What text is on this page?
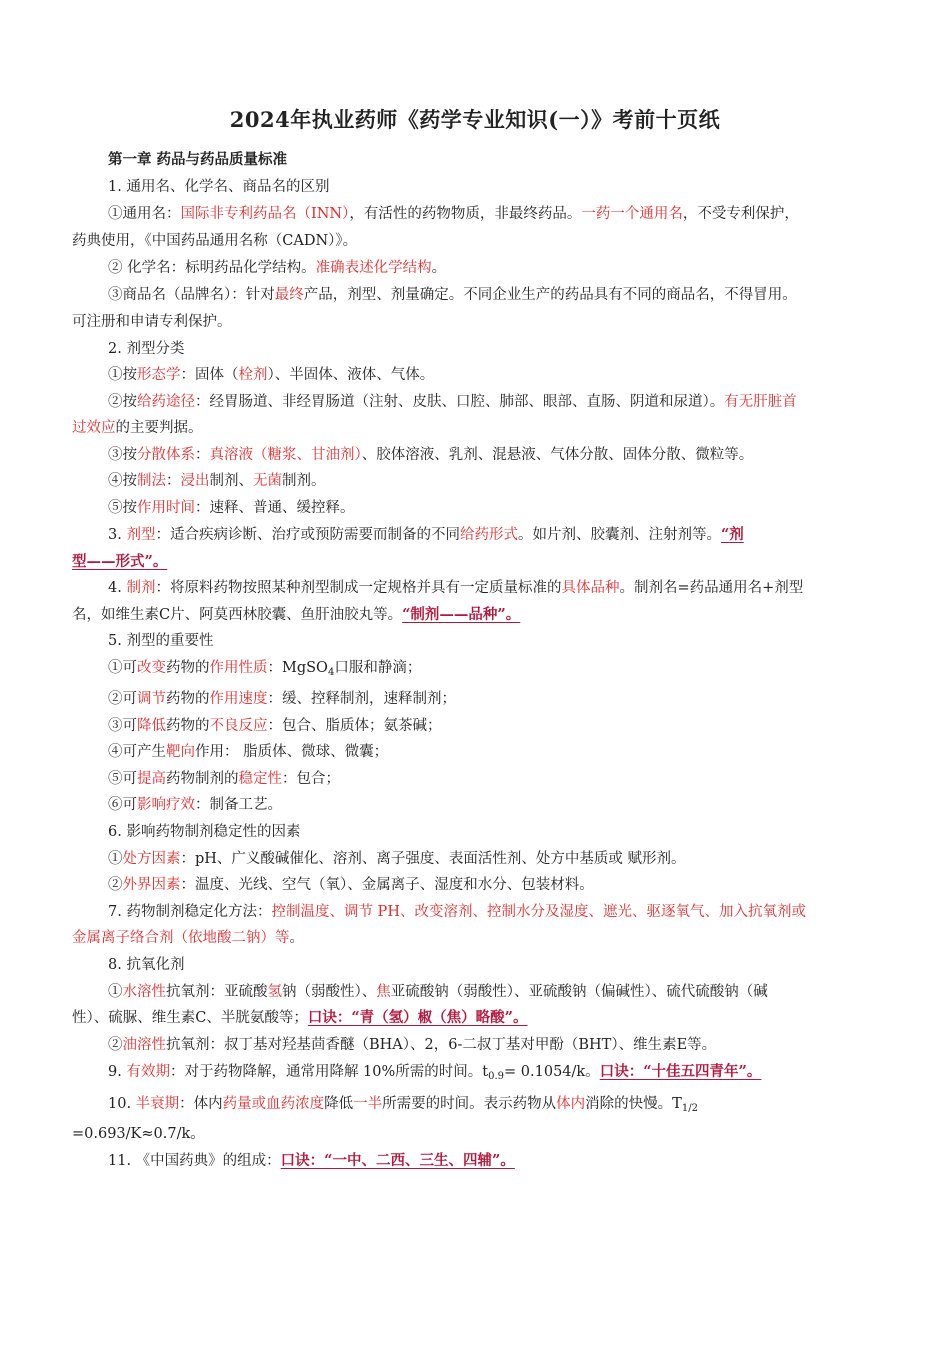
2024年执业药师《药学专业知识(一）》考前十页纸
第一章 药品与药品质量标准
1. 通用名、化学名、商品名的区别
①通用名：国际非专利药品名（INN），有活性的药物物质，非最终药品。一药一个通用名，不受专利保护，
药典使用，《中国药品通用名称（CADN）》。
② 化学名：标明药品化学结构。准确表述化学结构。
③商品名（品牌名）：针对最终产品，剂型、剂量确定。不同企业生产的药品具有不同的商品名，不得冒用。
可注册和申请专利保护。
2. 剂型分类
①按形态学：固体（栓剂）、半固体、液体、气体。
②按给药途径：经胃肠道、非经胃肠道（注射、皮肤、口腔、肺部、眼部、直肠、阴道和尿道）。有无肝脏首
过效应的主要判据。
③按分散体系：真溶液（糖浆、甘油剂）、胶体溶液、乳剂、混悬液、气体分散、固体分散、微粒等。
④按制法：浸出制剂、无菌制剂。
⑤按作用时间：速释、普通、缓控释。
3. 剂型：适合疾病诊断、治疗或预防需要而制备的不同给药形式。如片剂、胶囊剂、注射剂等。“剂
型——形式”。
4. 制剂：将原料药物按照某种剂型制成一定规格并具有一定质量标准的具体品种。制剂名=药品通用名+剂型
名，如维生素C片、阿莫西林胶囊、鱼肝油胶丸等。“制剂——品种”。
5. 剂型的重要性
①可改变药物的作用性质：MgSO$_4$口服和静滴；
②可调节药物的作用速度：缓、控释制剂，速释制剂；
③可降低药物的不良反应：包合、脂质体；氨茶碱；
④可产生靶向作用： 脂质体、微球、微囊；
⑤可提高药物制剂的稳定性：包合；
⑥可影响疗效：制备工艺。
6. 影响药物制剂稳定性的因素
①处方因素：pH、广义酸碱催化、溶剂、离子强度、表面活性剂、处方中基质或 赋形剂。
②外界因素：温度、光线、空气（氧）、金属离子、湿度和水分、包装材料。
7. 药物制剂稳定化方法：控制温度、调节 PH、改变溶剂、控制水分及湿度、遮光、驱逐氧气、加入抗氧剂或
金属离子络合剂（依地酸二钠）等。
8. 抗氧化剂
①水溶性抗氧剂：亚硫酸氢钠（弱酸性）、焦亚硫酸钠（弱酸性）、亚硫酸钠（偏碱性）、硫代硫酸钠（碱
性）、硫脲、维生素C、半胱氨酸等；口诀：“青（氢）椒（焦）略酸”。
②油溶性抗氧剂：叔丁基对羟基茴香醚（BHA）、2，6-二叔丁基对甲酚（BHT）、维生素E等。
9. 有效期：对于药物降解，通常用降解 10%所需的时间。$t_{0.9}= 0.1054/k$。口诀：“十佳五四青年”。
10. 半衰期：体内药量或血药浓度降低一半所需要的时间。表示药物从体内消除的快慢。$T_{1/2}$
=0.693/K≈0.7/k。
11. 《中国药典》的组成：口诀：“一中、二西、三生、四辅”。
